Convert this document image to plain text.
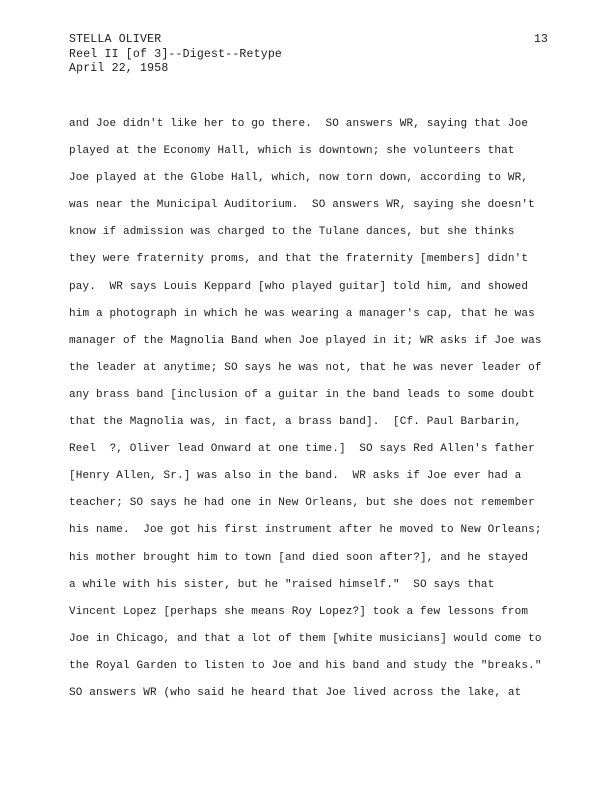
STELLA OLIVER
Reel II [of 3]--Digest--Retype
April 22, 1958
13
and Joe didn't like her to go there.  SO answers WR, saying that Joe
played at the Economy Hall, which is downtown; she volunteers that
Joe played at the Globe Hall, which, now torn down, according to WR,
was near the Municipal Auditorium.  SO answers WR, saying she doesn't
know if admission was charged to the Tulane dances, but she thinks
they were fraternity proms, and that the fraternity [members] didn't
pay.  WR says Louis Keppard [who played guitar] told him, and showed
him a photograph in which he was wearing a manager's cap, that he was
manager of the Magnolia Band when Joe played in it; WR asks if Joe was
the leader at anytime; SO says he was not, that he was never leader of
any brass band [inclusion of a guitar in the band leads to some doubt
that the Magnolia was, in fact, a brass band].  [Cf. Paul Barbarin,
Reel  ?, Oliver lead Onward at one time.]  SO says Red Allen's father
[Henry Allen, Sr.] was also in the band.  WR asks if Joe ever had a
teacher; SO says he had one in New Orleans, but she does not remember
his name.  Joe got his first instrument after he moved to New Orleans;
his mother brought him to town [and died soon after?], and he stayed
a while with his sister, but he "raised himself."  SO says that
Vincent Lopez [perhaps she means Roy Lopez?] took a few lessons from
Joe in Chicago, and that a lot of them [white musicians] would come to
the Royal Garden to listen to Joe and his band and study the "breaks."
SO answers WR (who said he heard that Joe lived across the lake, at
